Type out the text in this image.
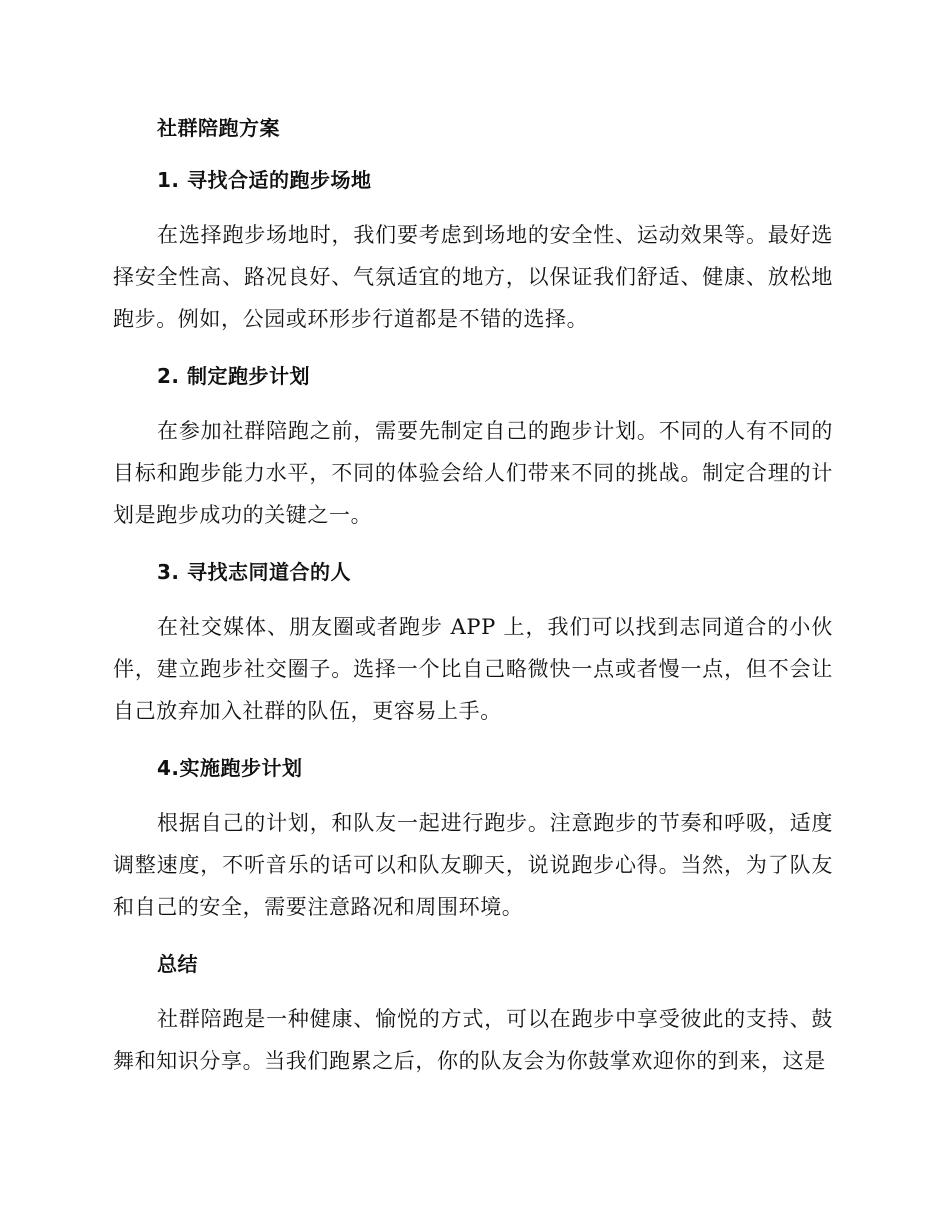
社群陪跑方案
1. 寻找合适的跑步场地

在选择跑步场地时，我们要考虑到场地的安全性、运动效果等。最好选择安全性高、路况良好、气氛适宜的地方，以保证我们舒适、健康、放松地跑步。例如，公园或环形步行道都是不错的选择。

2. 制定跑步计划

在参加社群陪跑之前，需要先制定自己的跑步计划。不同的人有不同的目标和跑步能力水平，不同的体验会给人们带来不同的挑战。制定合理的计划是跑步成功的关键之一。

3. 寻找志同道合的人

在社交媒体、朋友圈或者跑步 APP 上，我们可以找到志同道合的小伙伴，建立跑步社交圈子。选择一个比自己略微快一点或者慢一点，但不会让自己放弃加入社群的队伍，更容易上手。

4.实施跑步计划

根据自己的计划，和队友一起进行跑步。注意跑步的节奏和呼吸，适度调整速度，不听音乐的话可以和队友聊天，说说跑步心得。当然，为了队友和自己的安全，需要注意路况和周围环境。

总结

社群陪跑是一种健康、愉悦的方式，可以在跑步中享受彼此的支持、鼓舞和知识分享。当我们跑累之后，你的队友会为你鼓掌欢迎你的到来，这是
